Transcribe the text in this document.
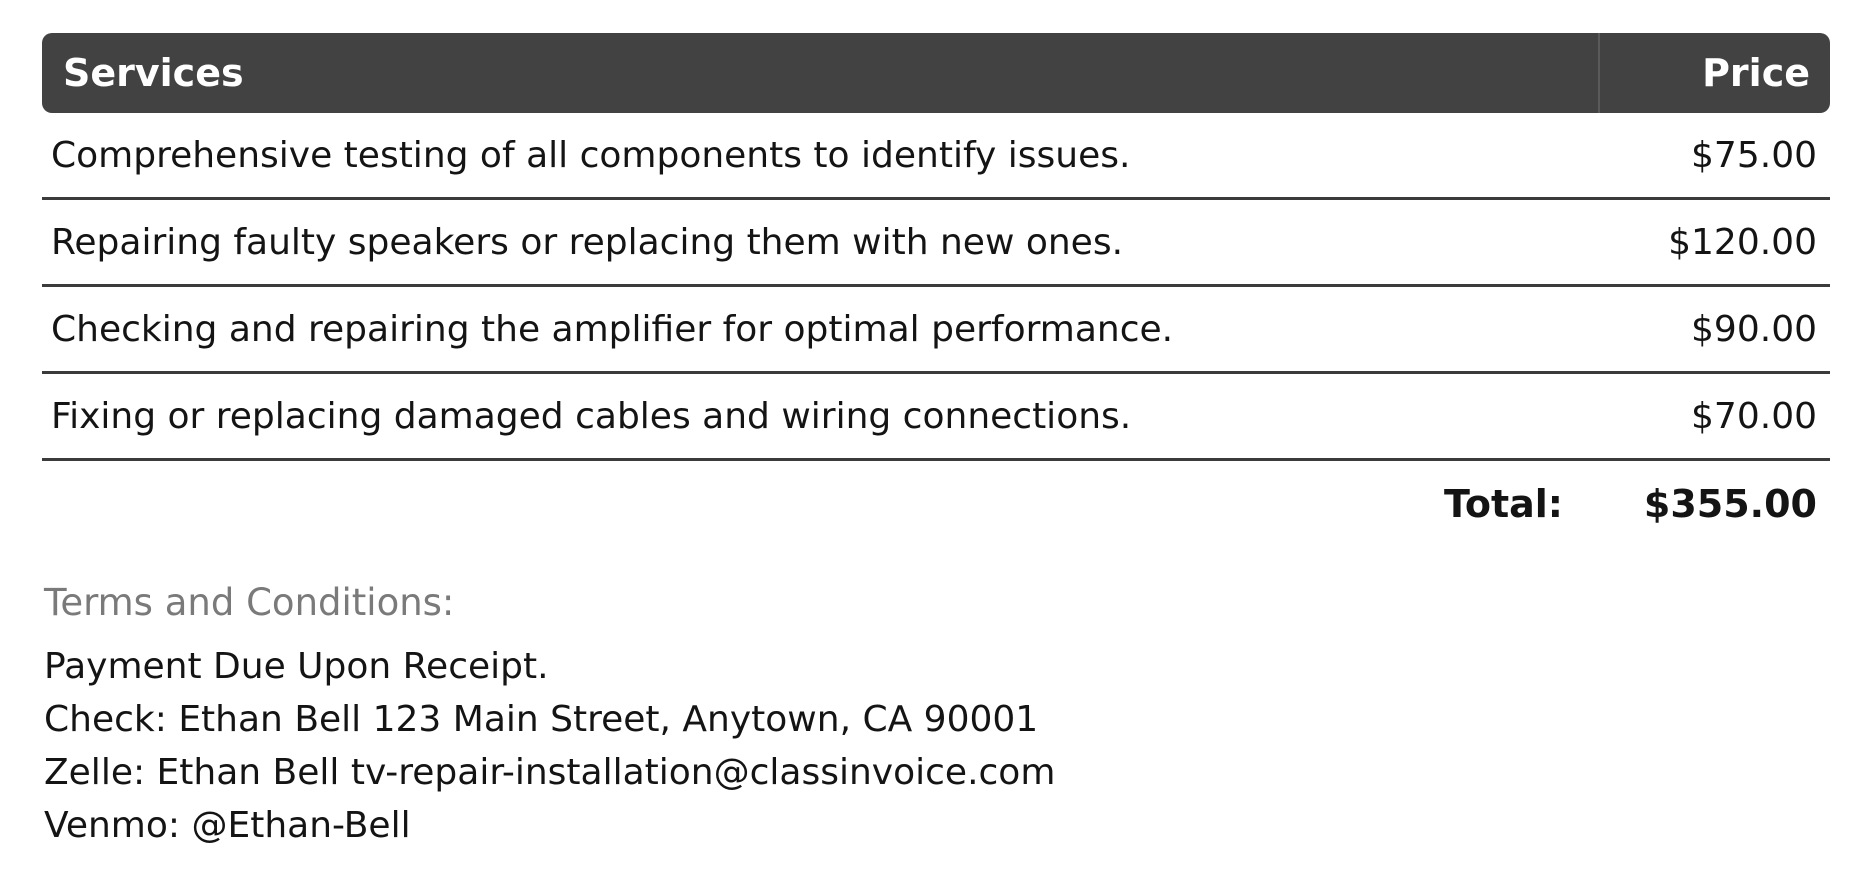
Services	Price
Comprehensive testing of all components to identify issues.	$75.00
Repairing faulty speakers or replacing them with new ones.	$120.00
Checking and repairing the amplifier for optimal performance.	$90.00
Fixing or replacing damaged cables and wiring connections.	$70.00
Total:	$355.00
Terms and Conditions:
Payment Due Upon Receipt.
Check: Ethan Bell 123 Main Street, Anytown, CA 90001
Zelle: Ethan Bell tv-repair-installation@classinvoice.com
Venmo: @Ethan-Bell
